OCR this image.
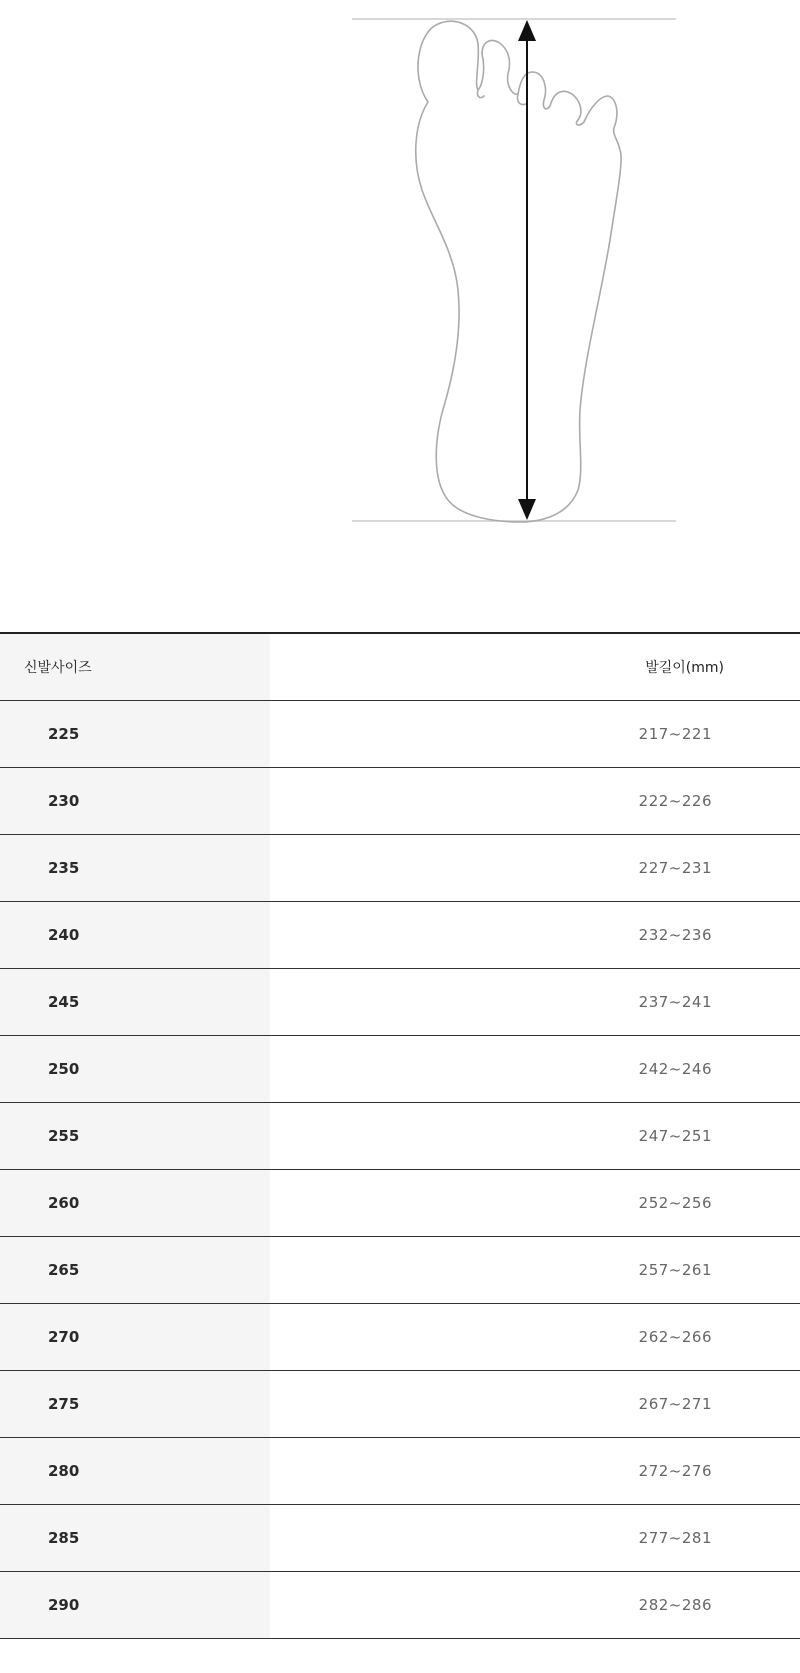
신발사이즈	발길이(mm)
225	217~221
230	222~226
235	227~231
240	232~236
245	237~241
250	242~246
255	247~251
260	252~256
265	257~261
270	262~266
275	267~271
280	272~276
285	277~281
290	282~286
